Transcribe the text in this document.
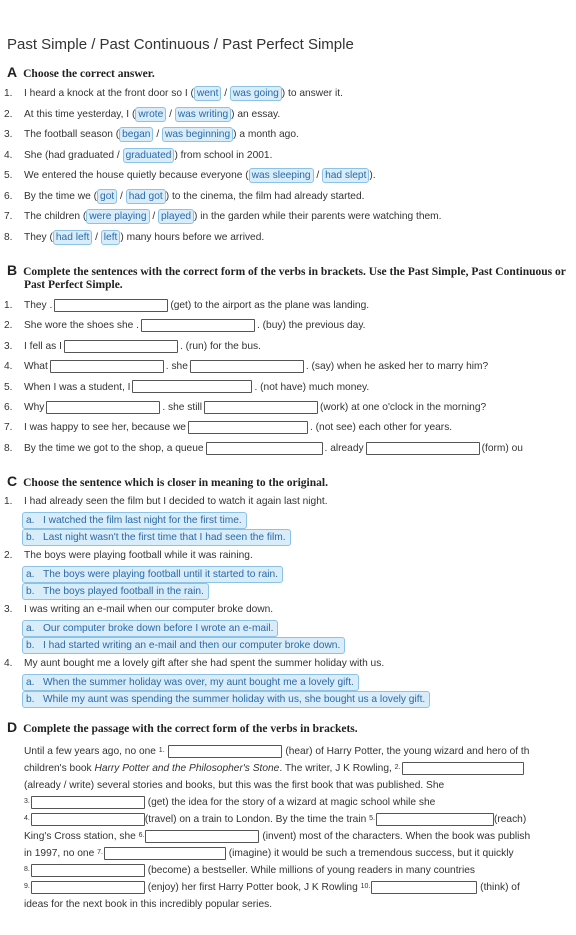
Past Simple / Past Continuous / Past Perfect Simple
A Choose the correct answer.
1. I heard a knock at the front door so I ( went / was going ) to answer it.
2. At this time yesterday, I ( wrote / was writing ) an essay.
3. The football season ( began / was beginning ) a month ago.
4. She (had graduated / graduated ) from school in 2001.
5. We entered the house quietly because everyone ( was sleeping / had slept ).
6. By the time we ( got / had got ) to the cinema, the film had already started.
7. The children ( were playing / played ) in the garden while their parents were watching them.
8. They ( had left / left ) many hours before we arrived.
B Complete the sentences with the correct form of the verbs in brackets. Use the Past Simple, Past Continuous or
Past Perfect Simple.
1. They .	(get) to the airport as the plane was landing.
2. She wore the shoes she .	. (buy) the previous day.
3. I fell as I	. (run) for the bus.
4. What	. she	. (say) when he asked her to marry him?
5. When I was a student, I	. (not have) much money.
6. Why	. she still	(work) at one o'clock in the morning?
7. I was happy to see her, because we	. (not see) each other for years.
8. By the time we got to the shop, a queue	. already	(form) ou
C Choose the sentence which is closer in meaning to the original.
1. I had already seen the film but I decided to watch it again last night.
a. I watched the film last night for the first time.
b. Last night wasn't the first time that I had seen the film.
2. The boys were playing football while it was raining.
a. The boys were playing football until it started to rain.
b. The boys played football in the rain.
3. I was writing an e-mail when our computer broke down.
a. Our computer broke down before I wrote an e-mail.
b. I had started writing an e-mail and then our computer broke down.
4. My aunt bought me a lovely gift after she had spent the summer holiday with us.
a. When the summer holiday was over, my aunt bought me a lovely gift.
b. While my aunt was spending the summer holiday with us, she bought us a lovely gift.
D Complete the passage with the correct form of the verbs in brackets.
Until a few years ago, no one $^{1.}$	(hear) of Harry Potter, the young wizard and hero of th
children's book Harry Potter and the Philosopher's Stone. The writer, J K Rowling, $^{2.}$
(already / write) several stories and books, but this was the first book that was published. She
$^{3.}$	(get) the idea for the story of a wizard at magic school while she
$^{4.}$	(travel) on a train to London. By the time the train $^{5.}$	(reach)
King's Cross station, she $^{6.}$	(invent) most of the characters. When the book was publish
in 1997, no one $^{7.}$	(imagine) it would be such a tremendous success, but it quickly
$^{8.}$	(become) a bestseller. While millions of young readers in many countries
$^{9.}$	(enjoy) her first Harry Potter book, J K Rowling $^{10.}$	(think) of
ideas for the next book in this incredibly popular series.
